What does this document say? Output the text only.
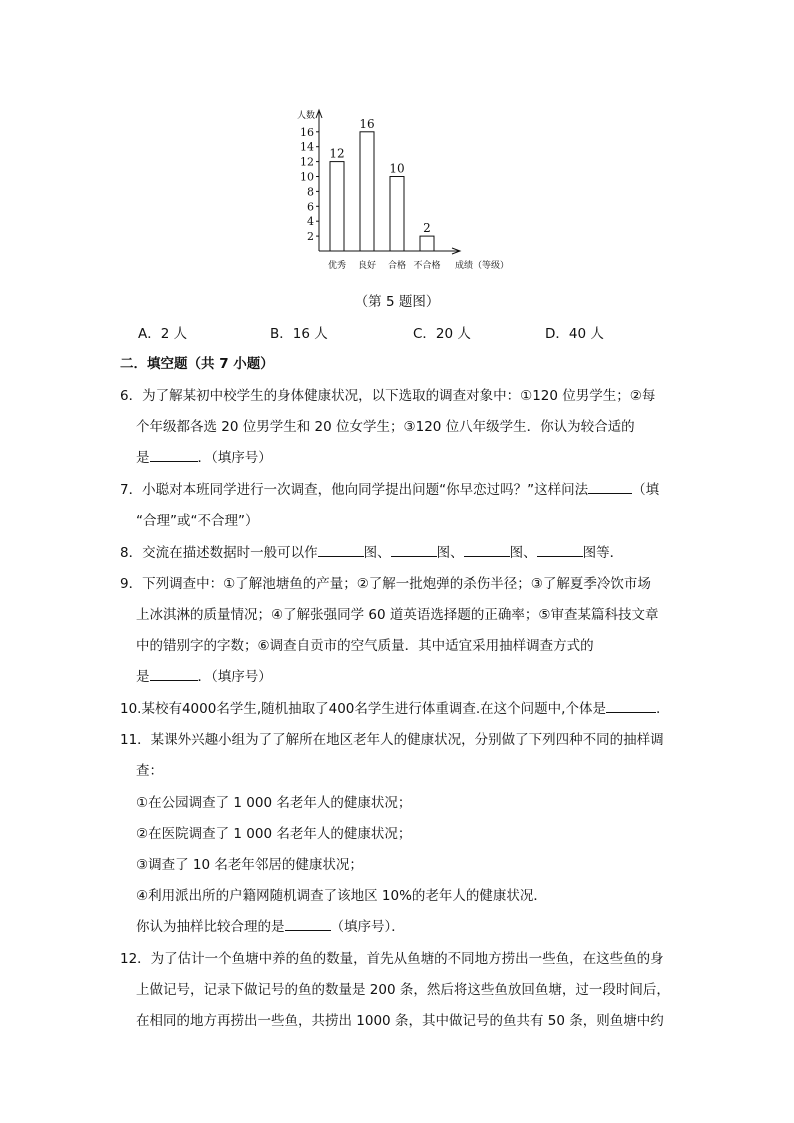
人数
2
4
6
8
10
12
14
16
12
优秀
16
良好
10
合格
2
不合格 成绩（等级）
（第 5 题图）
A．2 人	B．16 人	C．20 人	D．40 人
二．填空题（共 7 小题）
6．为了解某初中校学生的身体健康状况，以下选取的调查对象中：①120 位男学生；②每
个年级都各选 20 位男学生和 20 位女学生；③120 位八年级学生．你认为较合适的
是	．（填序号）
7．小聪对本班同学进行一次调查，他向同学提出问题“你早恋过吗？”这样问法	（填
“合理”或“不合理”）
8．交流在描述数据时一般可以作	图、	图、	图、	图等．
9．下列调查中：①了解池塘鱼的产量；②了解一批炮弹的杀伤半径；③了解夏季冷饮市场
上冰淇淋的质量情况；④了解张强同学 60 道英语选择题的正确率；⑤审查某篇科技文章
中的错别字的字数；⑥调查自贡市的空气质量．其中适宜采用抽样调查方式的
是	．（填序号）
10.某校有4000名学生,随机抽取了400名学生进行体重调查.在这个问题中,个体是	.
11．某课外兴趣小组为了了解所在地区老年人的健康状况，分别做了下列四种不同的抽样调
查：
①在公园调查了 1 000 名老年人的健康状况；
②在医院调查了 1 000 名老年人的健康状况；
③调查了 10 名老年邻居的健康状况；
④利用派出所的户籍网随机调查了该地区 10%的老年人的健康状况．
你认为抽样比较合理的是	（填序号）．
12．为了估计一个鱼塘中养的鱼的数量，首先从鱼塘的不同地方捞出一些鱼，在这些鱼的身
上做记号，记录下做记号的鱼的数量是 200 条，然后将这些鱼放回鱼塘，过一段时间后，
在相同的地方再捞出一些鱼，共捞出 1000 条，其中做记号的鱼共有 50 条，则鱼塘中约
